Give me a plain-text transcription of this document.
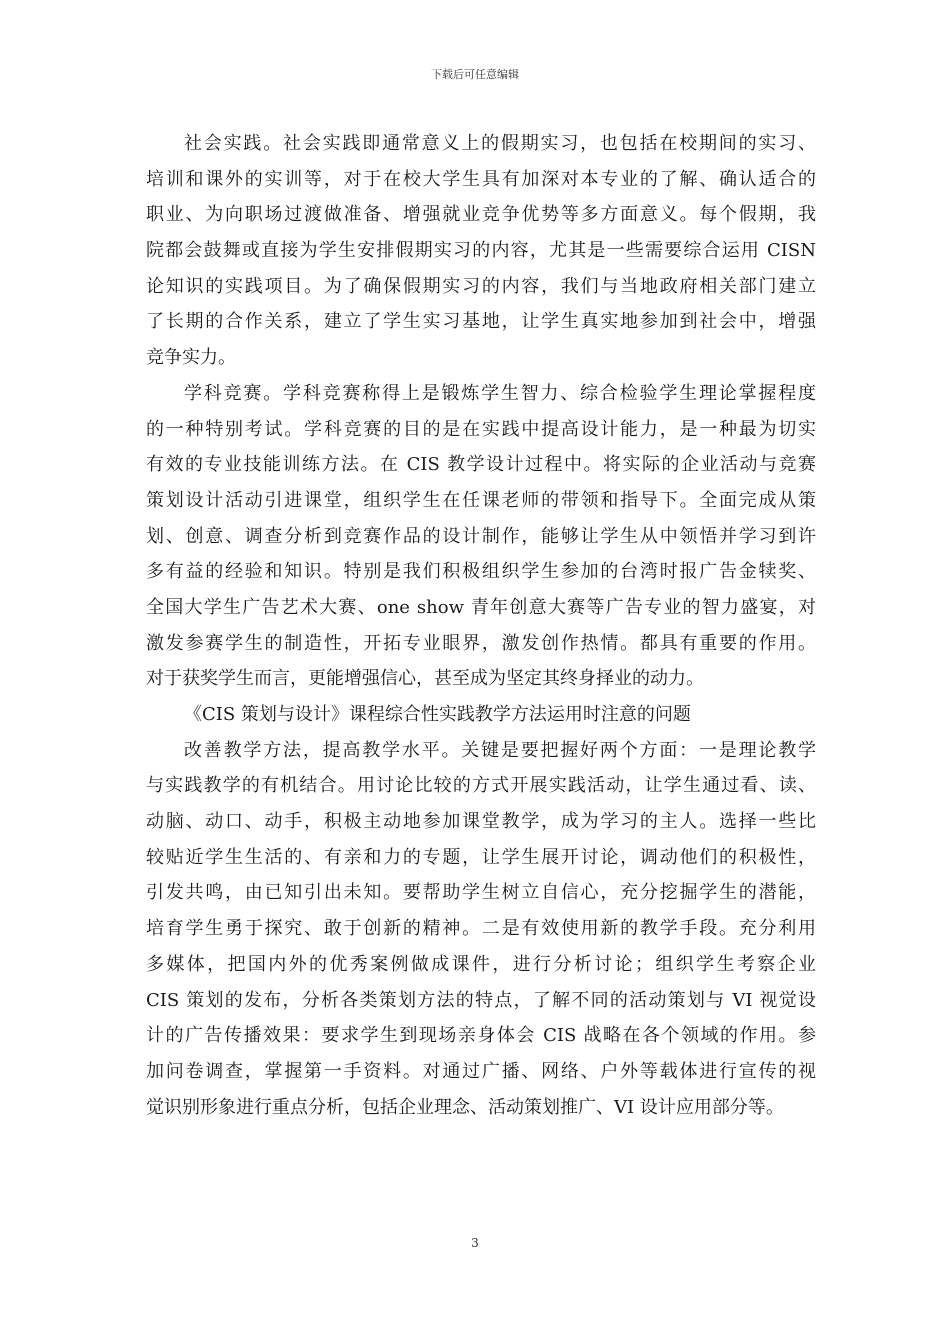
下载后可任意编辑
社会实践。社会实践即通常意义上的假期实习，也包括在校期间的实习、
培训和课外的实训等，对于在校大学生具有加深对本专业的了解、确认适合的
职业、为向职场过渡做准备、增强就业竞争优势等多方面意义。每个假期，我
院都会鼓舞或直接为学生安排假期实习的内容，尤其是一些需要综合运用 CISN
论知识的实践项目。为了确保假期实习的内容，我们与当地政府相关部门建立
了长期的合作关系，建立了学生实习基地，让学生真实地参加到社会中，增强
竞争实力。
学科竞赛。学科竞赛称得上是锻炼学生智力、综合检验学生理论掌握程度
的一种特别考试。学科竞赛的目的是在实践中提高设计能力，是一种最为切实
有效的专业技能训练方法。在 CIS 教学设计过程中。将实际的企业活动与竞赛
策划设计活动引进课堂，组织学生在任课老师的带领和指导下。全面完成从策
划、创意、调查分析到竞赛作品的设计制作，能够让学生从中领悟并学习到许
多有益的经验和知识。特别是我们积极组织学生参加的台湾时报广告金犊奖、
全国大学生广告艺术大赛、one show 青年创意大赛等广告专业的智力盛宴，对
激发参赛学生的制造性，开拓专业眼界，激发创作热情。都具有重要的作用。
对于获奖学生而言，更能增强信心，甚至成为坚定其终身择业的动力。
《CIS 策划与设计》课程综合性实践教学方法运用时注意的问题
改善教学方法，提高教学水平。关键是要把握好两个方面：一是理论教学
与实践教学的有机结合。用讨论比较的方式开展实践活动，让学生通过看、读、
动脑、动口、动手，积极主动地参加课堂教学，成为学习的主人。选择一些比
较贴近学生生活的、有亲和力的专题，让学生展开讨论，调动他们的积极性，
引发共鸣，由已知引出未知。要帮助学生树立自信心，充分挖掘学生的潜能，
培育学生勇于探究、敢于创新的精神。二是有效使用新的教学手段。充分利用
多媒体，把国内外的优秀案例做成课件，进行分析讨论；组织学生考察企业
CIS 策划的发布，分析各类策划方法的特点，了解不同的活动策划与 VI 视觉设
计的广告传播效果：要求学生到现场亲身体会 CIS 战略在各个领域的作用。参
加问卷调查，掌握第一手资料。对通过广播、网络、户外等载体进行宣传的视
觉识别形象进行重点分析，包括企业理念、活动策划推广、VI 设计应用部分等。
3
